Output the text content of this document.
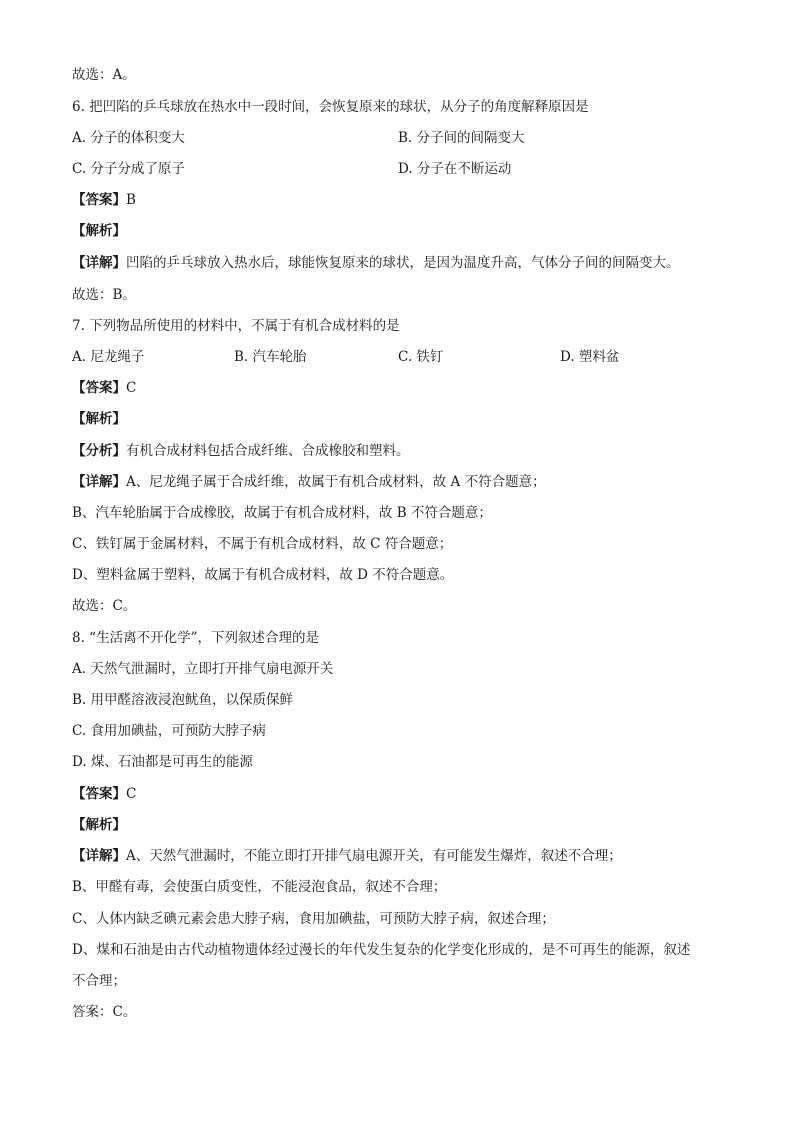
故选：A。
6. 把凹陷的乒乓球放在热水中一段时间，会恢复原来的球状，从分子的角度解释原因是
A. 分子的体积变大	B. 分子间的间隔变大
C. 分子分成了原子	D. 分子在不断运动
【答案】B
【解析】
【详解】凹陷的乒乓球放入热水后，球能恢复原来的球状，是因为温度升高，气体分子间的间隔变大。
故选：B。
7. 下列物品所使用的材料中，不属于有机合成材料的是
A. 尼龙绳子	B. 汽车轮胎	C. 铁钉	D. 塑料盆
【答案】C
【解析】
【分析】有机合成材料包括合成纤维、合成橡胶和塑料。
【详解】A、尼龙绳子属于合成纤维，故属于有机合成材料，故 A 不符合题意；
B、汽车轮胎属于合成橡胶，故属于有机合成材料，故 B 不符合题意；
C、铁钉属于金属材料，不属于有机合成材料，故 C 符合题意；
D、塑料盆属于塑料，故属于有机合成材料，故 D 不符合题意。
故选：C。
8. “生活离不开化学”，下列叙述合理的是
A. 天然气泄漏时，立即打开排气扇电源开关
B. 用甲醛溶液浸泡鱿鱼，以保质保鲜
C. 食用加碘盐，可预防大脖子病
D. 煤、石油都是可再生的能源
【答案】C
【解析】
【详解】A、天然气泄漏时，不能立即打开排气扇电源开关，有可能发生爆炸，叙述不合理；
B、甲醛有毒，会使蛋白质变性，不能浸泡食品，叙述不合理；
C、人体内缺乏碘元素会患大脖子病，食用加碘盐，可预防大脖子病，叙述合理；
D、煤和石油是由古代动植物遗体经过漫长的年代发生复杂的化学变化形成的，是不可再生的能源，叙述
不合理；
答案：C。
